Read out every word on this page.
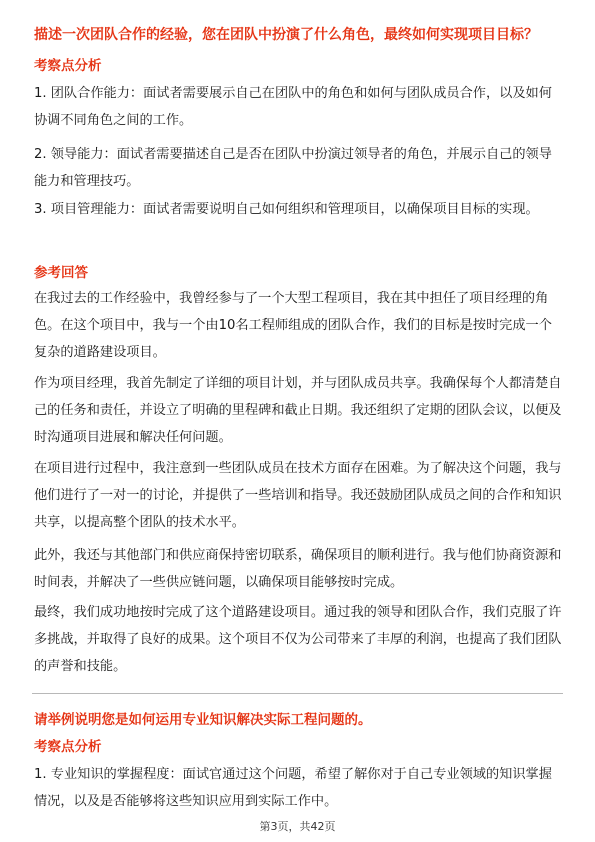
描述一次团队合作的经验，您在团队中扮演了什么角色，最终如何实现项目目标？
考察点分析
1. 团队合作能力：面试者需要展示自己在团队中的角色和如何与团队成员合作，以及如何协调不同角色之间的工作。
2. 领导能力：面试者需要描述自己是否在团队中扮演过领导者的角色，并展示自己的领导能力和管理技巧。
3. 项目管理能力：面试者需要说明自己如何组织和管理项目，以确保项目目标的实现。
参考回答
在我过去的工作经验中，我曾经参与了一个大型工程项目，我在其中担任了项目经理的角色。在这个项目中，我与一个由10名工程师组成的团队合作，我们的目标是按时完成一个复杂的道路建设项目。
作为项目经理，我首先制定了详细的项目计划，并与团队成员共享。我确保每个人都清楚自己的任务和责任，并设立了明确的里程碑和截止日期。我还组织了定期的团队会议，以便及时沟通项目进展和解决任何问题。
在项目进行过程中，我注意到一些团队成员在技术方面存在困难。为了解决这个问题，我与他们进行了一对一的讨论，并提供了一些培训和指导。我还鼓励团队成员之间的合作和知识共享，以提高整个团队的技术水平。
此外，我还与其他部门和供应商保持密切联系，确保项目的顺利进行。我与他们协商资源和时间表，并解决了一些供应链问题，以确保项目能够按时完成。
最终，我们成功地按时完成了这个道路建设项目。通过我的领导和团队合作，我们克服了许多挑战，并取得了良好的成果。这个项目不仅为公司带来了丰厚的利润，也提高了我们团队的声誉和技能。
请举例说明您是如何运用专业知识解决实际工程问题的。
考察点分析
1. 专业知识的掌握程度：面试官通过这个问题，希望了解你对于自己专业领域的知识掌握情况，以及是否能够将这些知识应用到实际工作中。
第3页，共42页
